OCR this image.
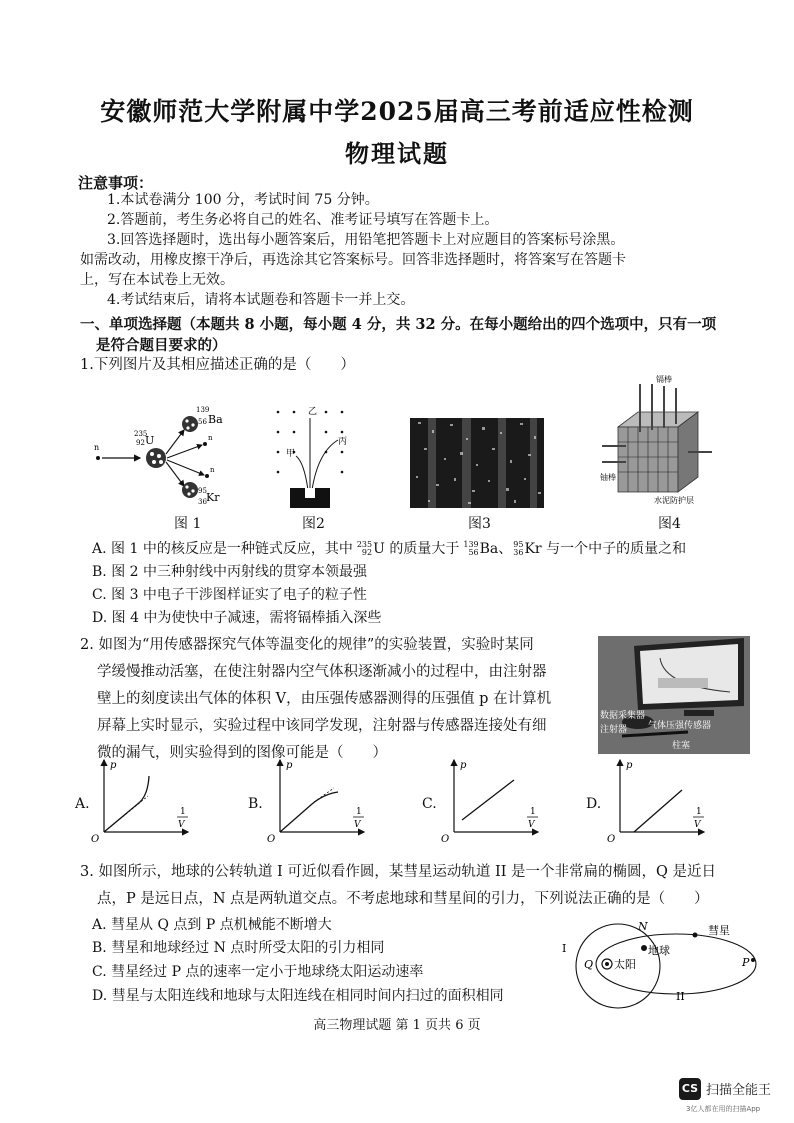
安徽师范大学附属中学2025届高三考前适应性检测
物理试题
注意事项：
1.本试卷满分 100 分，考试时间 75 分钟。
2.答题前，考生务必将自己的姓名、准考证号填写在答题卡上。
3.回答选择题时，选出每小题答案后，用铅笔把答题卡上对应题目的答案标号涂黑。
如需改动，用橡皮擦干净后，再选涂其它答案标号。回答非选择题时，将答案写在答题卡
上，写在本试卷上无效。
4.考试结束后，请将本试题卷和答题卡一并上交。
一、单项选择题（本题共 8 小题，每小题 4 分，共 32 分。在每小题给出的四个选项中，只有一项
是符合题目要求的）
1.下列图片及其相应描述正确的是（　　）
n
235
92 U	n
n
139
56 Ba
95
36 Kr
图 1
乙
丙
甲
图2	图3
镉棒
铀棒
水泥防护层
图4
A. 图 1 中的核反应是一种链式反应，其中 235
92U 的质量大于 139
56Ba、95
36Kr 与一个中子的质量之和
B. 图 2 中三种射线中丙射线的贯穿本领最强
C. 图 3 中电子干涉图样证实了电子的粒子性
D. 图 4 中为使快中子减速，需将镉棒插入深些
2. 如图为“用传感器探究气体等温变化的规律”的实验装置，实验时某同
学缓慢推动活塞，在使注射器内空气体积逐渐减小的过程中，由注射器
壁上的刻度读出气体的体积 V，由压强传感器测得的压强值 p 在计算机
屏幕上实时显示，实验过程中该同学发现，注射器与传感器连接处有细
微的漏气，则实验得到的图像可能是（　　）
数据采集器
注射器 气体压强传感器
柱塞
A.
p
O
1
V
B.
p
O
1
V
C.
p
O
1
V
D.
p
O
1
V
3. 如图所示，地球的公转轨道 I 可近似看作圆，某彗星运动轨道 II 是一个非常扁的椭圆，Q 是近日
点，P 是远日点，N 点是两轨道交点。不考虑地球和彗星间的引力，下列说法正确的是（　　）
A. 彗星从 Q 点到 P 点机械能不断增大
B. 彗星和地球经过 N 点时所受太阳的引力相同
C. 彗星经过 P 点的速率一定小于地球绕太阳运动速率
D. 彗星与太阳连线和地球与太阳连线在相同时间内扫过的面积相同
I
N	彗星
Q 太阳
地球
P
II
高三物理试题 第 1 页共 6 页
CS 扫描全能王
3亿人都在用的扫描App
